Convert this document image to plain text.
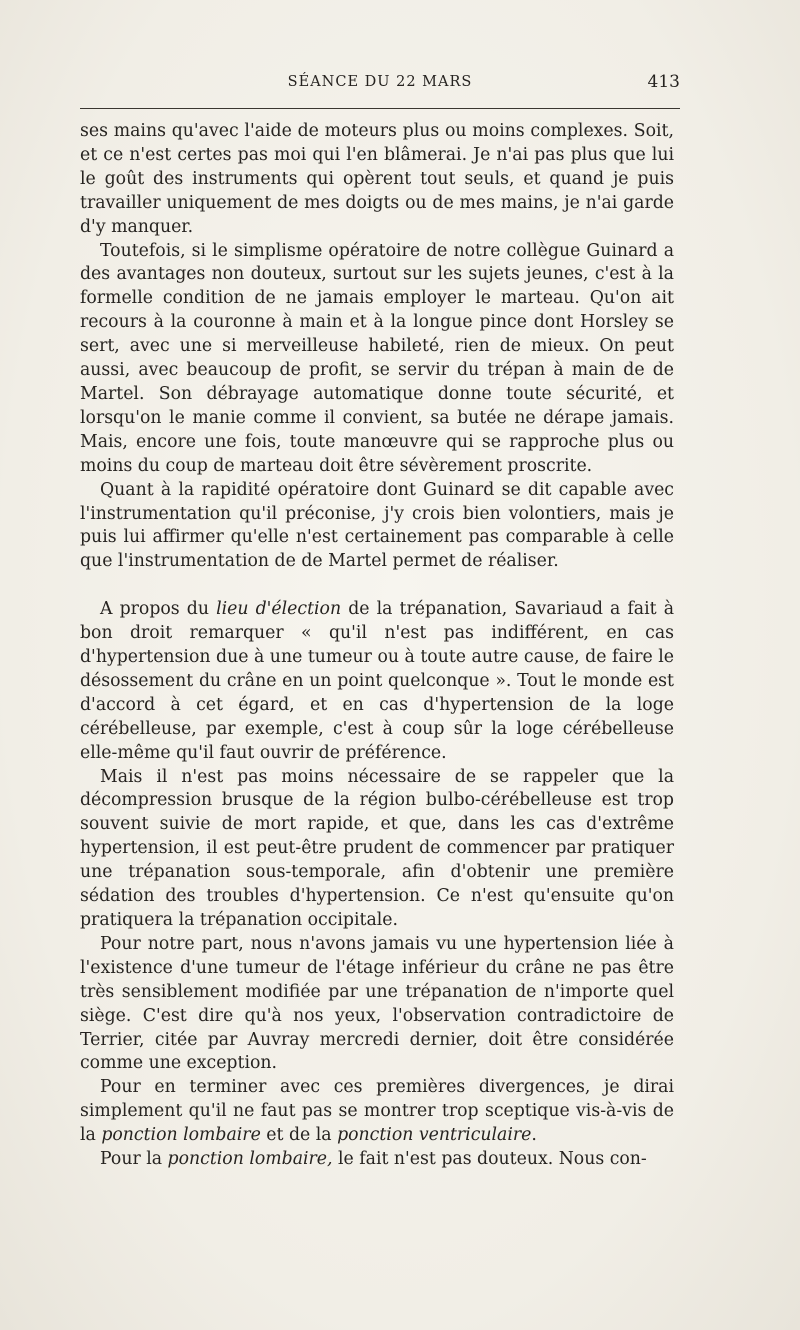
SÉANCE DU 22 MARS	413

ses mains qu'avec l'aide de moteurs plus ou moins complexes. Soit, et ce n'est certes pas moi qui l'en blâmerai. Je n'ai pas plus que lui le goût des instruments qui opèrent tout seuls, et quand je puis travailler uniquement de mes doigts ou de mes mains, je n'ai garde d'y manquer.

Toutefois, si le simplisme opératoire de notre collègue Guinard a des avantages non douteux, surtout sur les sujets jeunes, c'est à la formelle condition de ne jamais employer le marteau. Qu'on ait recours à la couronne à main et à la longue pince dont Horsley se sert, avec une si merveilleuse habileté, rien de mieux. On peut aussi, avec beaucoup de profit, se servir du trépan à main de de Martel. Son débrayage automatique donne toute sécurité, et lorsqu'on le manie comme il convient, sa butée ne dérape jamais. Mais, encore une fois, toute manœuvre qui se rapproche plus ou moins du coup de marteau doit être sévèrement proscrite.

Quant à la rapidité opératoire dont Guinard se dit capable avec l'instrumentation qu'il préconise, j'y crois bien volontiers, mais je puis lui affirmer qu'elle n'est certainement pas comparable à celle que l'instrumentation de de Martel permet de réaliser.

A propos du lieu d'élection de la trépanation, Savariaud a fait à bon droit remarquer « qu'il n'est pas indifférent, en cas d'hypertension due à une tumeur ou à toute autre cause, de faire le désossement du crâne en un point quelconque ». Tout le monde est d'accord à cet égard, et en cas d'hypertension de la loge cérébelleuse, par exemple, c'est à coup sûr la loge cérébelleuse elle-même qu'il faut ouvrir de préférence.

Mais il n'est pas moins nécessaire de se rappeler que la décompression brusque de la région bulbo-cérébelleuse est trop souvent suivie de mort rapide, et que, dans les cas d'extrême hypertension, il est peut-être prudent de commencer par pratiquer une trépanation sous-temporale, afin d'obtenir une première sédation des troubles d'hypertension. Ce n'est qu'ensuite qu'on pratiquera la trépanation occipitale.

Pour notre part, nous n'avons jamais vu une hypertension liée à l'existence d'une tumeur de l'étage inférieur du crâne ne pas être très sensiblement modifiée par une trépanation de n'importe quel siège. C'est dire qu'à nos yeux, l'observation contradictoire de Terrier, citée par Auvray mercredi dernier, doit être considérée comme une exception.

Pour en terminer avec ces premières divergences, je dirai simplement qu'il ne faut pas se montrer trop sceptique vis-à-vis de la ponction lombaire et de la ponction ventriculaire.

Pour la ponction lombaire, le fait n'est pas douteux. Nous con-
